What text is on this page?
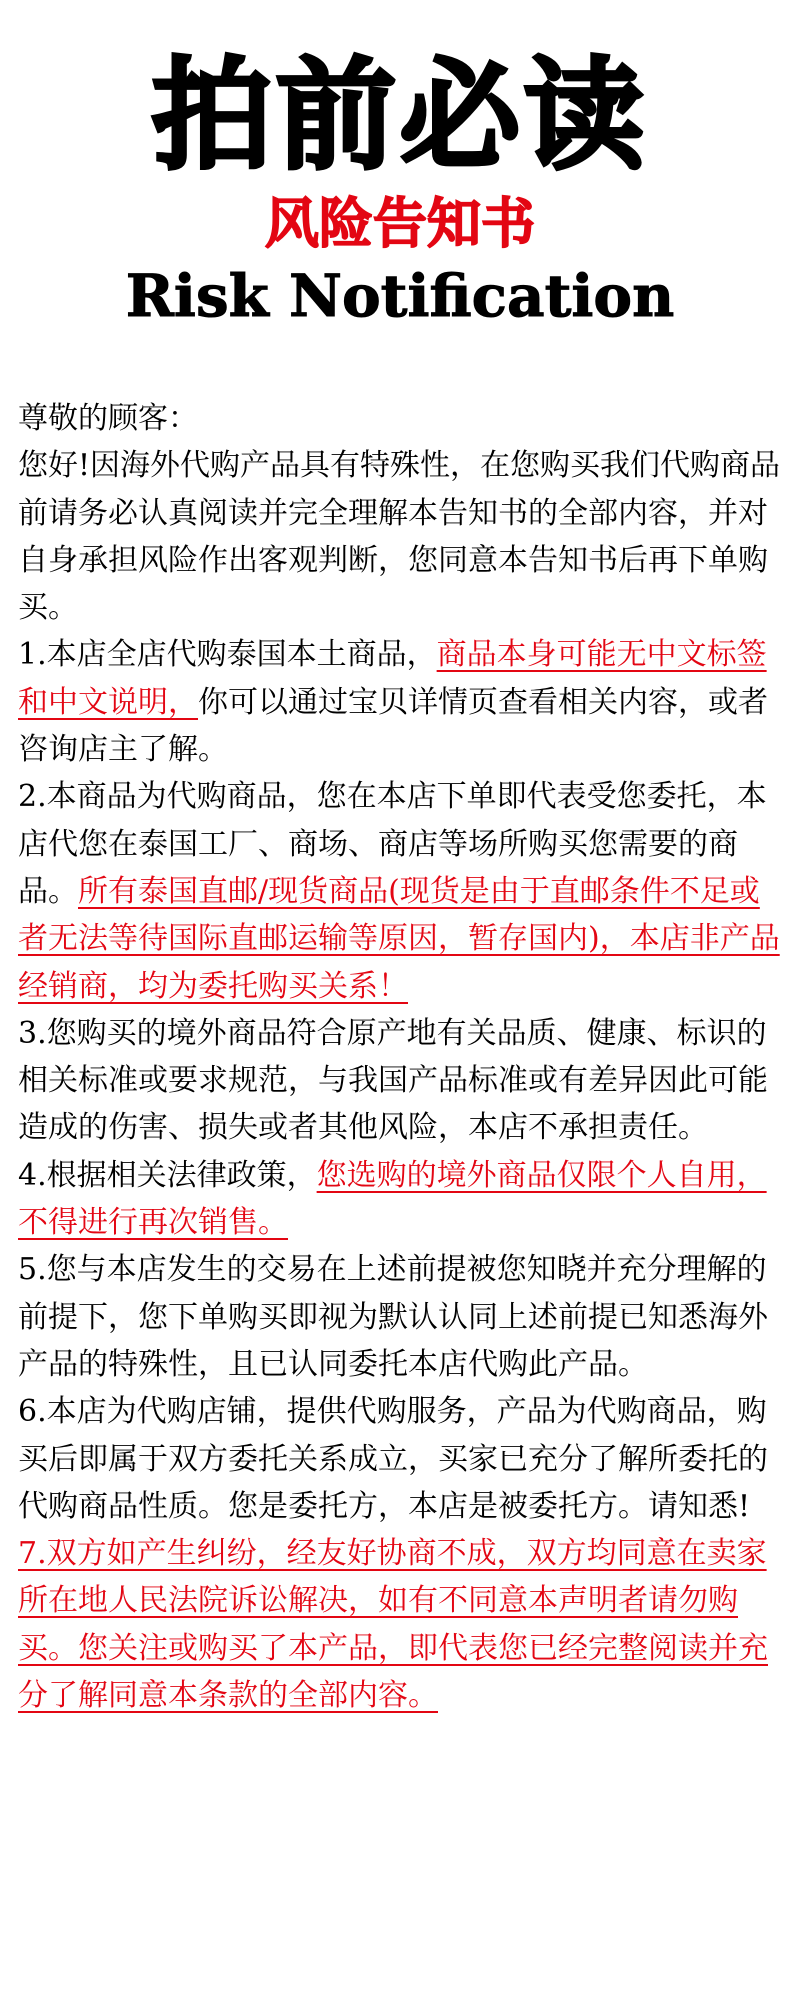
拍前必读
风险告知书
Risk Notification

尊敬的顾客：

您好!因海外代购产品具有特殊性，在您购买我们代购商品前请务必认真阅读并完全理解本告知书的全部内容，并对自身承担风险作出客观判断，您同意本告知书后再下单购买。

1.本店全店代购泰国本土商品，商品本身可能无中文标签和中文说明，你可以通过宝贝详情页查看相关内容，或者咨询店主了解。

2.本商品为代购商品，您在本店下单即代表受您委托，本店代您在泰国工厂、商场、商店等场所购买您需要的商品。所有泰国直邮/现货商品(现货是由于直邮条件不足或者无法等待国际直邮运输等原因，暂存国内)，本店非产品经销商，均为委托购买关系！

3.您购买的境外商品符合原产地有关品质、健康、标识的相关标准或要求规范，与我国产品标准或有差异因此可能造成的伤害、损失或者其他风险，本店不承担责任。

4.根据相关法律政策，您选购的境外商品仅限个人自用，不得进行再次销售。

5.您与本店发生的交易在上述前提被您知晓并充分理解的前提下，您下单购买即视为默认认同上述前提已知悉海外产品的特殊性，且已认同委托本店代购此产品。

6.本店为代购店铺，提供代购服务，产品为代购商品，购买后即属于双方委托关系成立，买家已充分了解所委托的代购商品性质。您是委托方，本店是被委托方。请知悉!

7.双方如产生纠纷，经友好协商不成，双方均同意在卖家所在地人民法院诉讼解决，如有不同意本声明者请勿购买。您关注或购买了本产品，即代表您已经完整阅读并充分了解同意本条款的全部内容。
